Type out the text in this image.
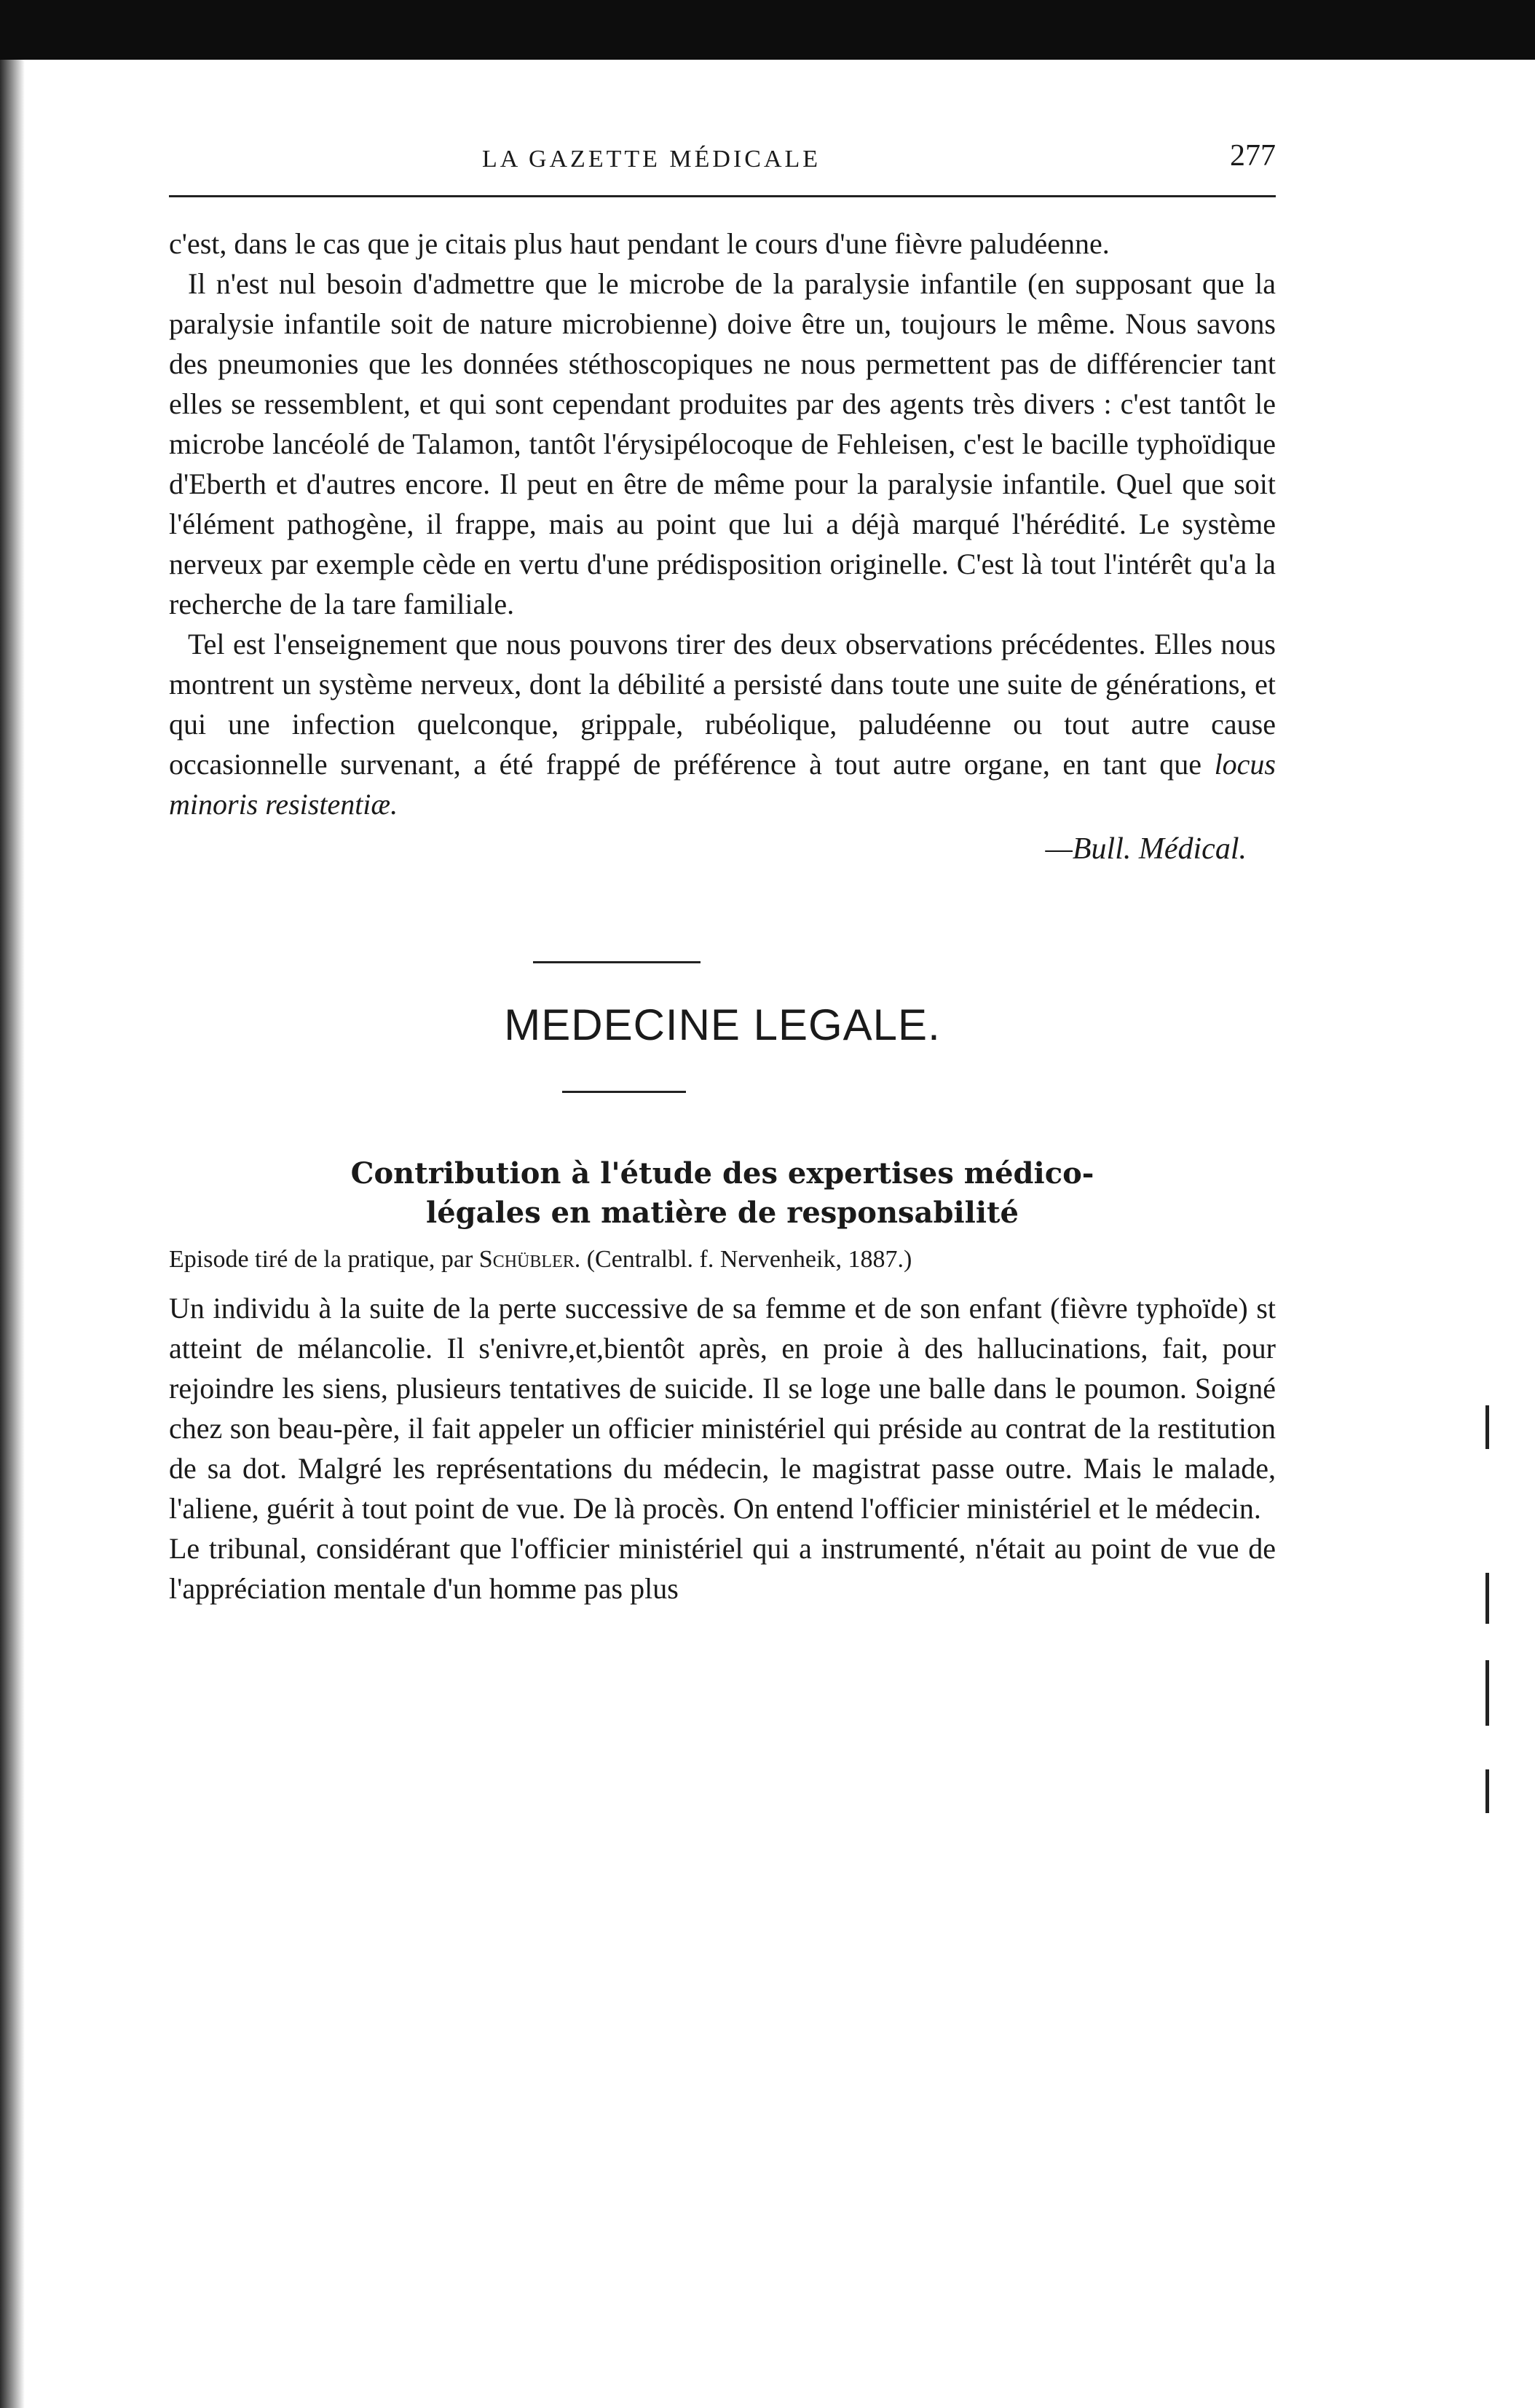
LA GAZETTE MÉDICALE	277

c'est, dans le cas que je citais plus haut pendant le cours d'une fièvre paludéenne.

Il n'est nul besoin d'admettre que le microbe de la paralysie infantile (en supposant que la paralysie infantile soit de nature microbienne) doive être un, toujours le même. Nous savons des pneumonies que les données stéthoscopiques ne nous permettent pas de différencier tant elles se ressemblent, et qui sont cependant produites par des agents très divers : c'est tantôt le microbe lancéolé de Talamon, tantôt l'érysipélocoque de Fehleisen, c'est le bacille typhoïdique d'Eberth et d'autres encore. Il peut en être de même pour la paralysie infantile. Quel que soit l'élément pathogène, il frappe, mais au point que lui a déjà marqué l'hérédité. Le système nerveux par exemple cède en vertu d'une prédisposition originelle. C'est là tout l'intérêt qu'a la recherche de la tare familiale.

Tel est l'enseignement que nous pouvons tirer des deux observations précédentes. Elles nous montrent un système nerveux, dont la débilité a persisté dans toute une suite de générations, et qui une infection quelconque, grippale, rubéolique, paludéenne ou tout autre cause occasionnelle survenant, a été frappé de préférence à tout autre organe, en tant que locus minoris resistentiæ.

—Bull. Médical.
MEDECINE LEGALE.
Contribution à l'étude des expertises médico-
légales en matière de responsabilité
Episode tiré de la pratique, par Schübler. (Centralbl. f. Nervenheik, 1887.)

Un individu à la suite de la perte successive de sa femme et de son enfant (fièvre typhoïde) st atteint de mélancolie. Il s'enivre,et,bientôt après, en proie à des hallucinations, fait, pour rejoindre les siens, plusieurs tentatives de suicide. Il se loge une balle dans le poumon. Soigné chez son beau-père, il fait appeler un officier ministériel qui préside au contrat de la restitution de sa dot. Malgré les représentations du médecin, le magistrat passe outre. Mais le malade, l'aliene, guérit à tout point de vue. De là procès. On entend l'officier ministériel et le médecin.

Le tribunal, considérant que l'officier ministériel qui a instrumenté, n'était au point de vue de l'appréciation mentale d'un homme pas plus
